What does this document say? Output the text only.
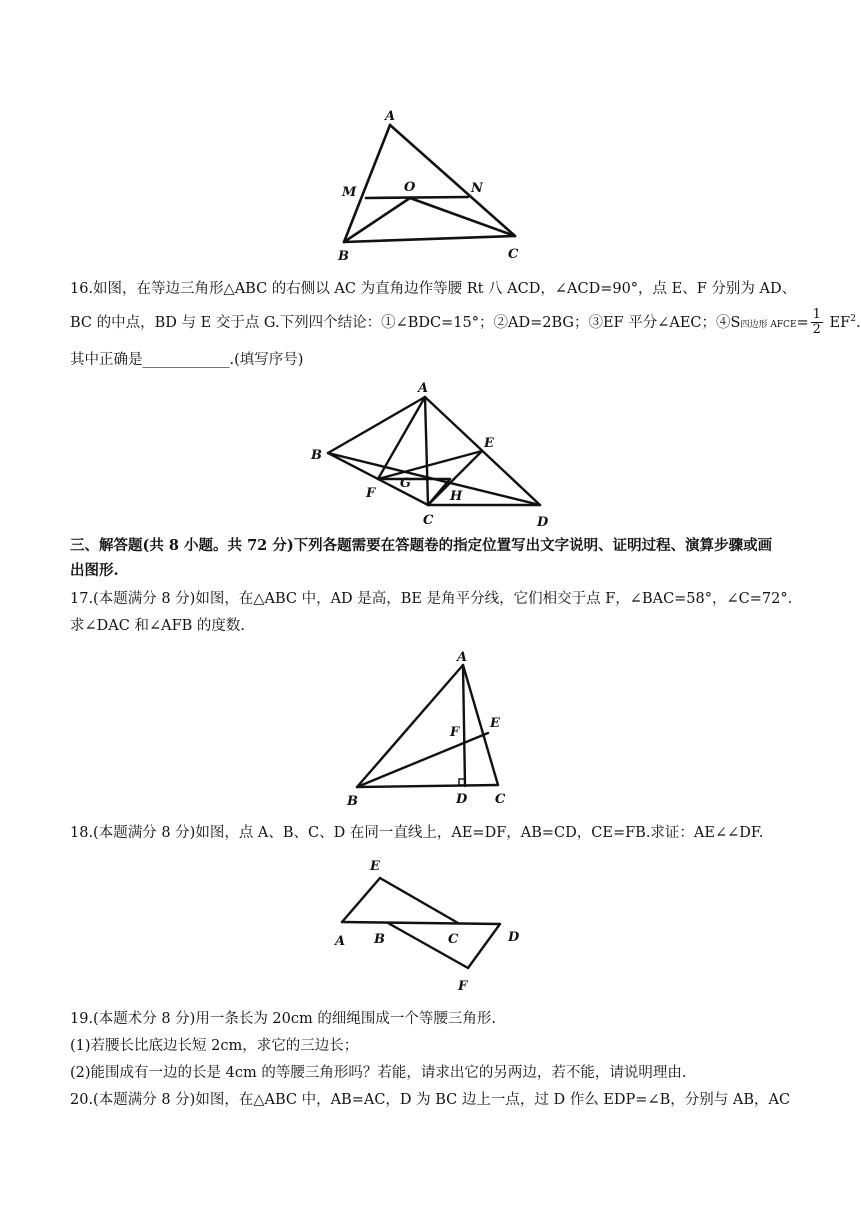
A
M	O	N
B	C
16.如图，在等边三角形△ABC 的右侧以 AC 为直角边作等腰 Rt 八 ACD，∠ACD=90°，点 E、F 分别为 AD、
BC 的中点，BD 与 E 交于点 G.下列四个结论：①∠BDC=15°；②AD=2BG；③EF 平分∠AEC；④S四边形 AFCE= $\frac{1}{2} EF^2$.
其中正确是____________.(填写序号)
A
B
E
F
G
H
C	D
三、解答题(共 8 小题。共 72 分)下列各题需要在答题卷的指定位置写出文字说明、证明过程、演算步骤或画
出图形.
17.(本题满分 8 分)如图，在△ABC 中，AD 是高，BE 是角平分线，它们相交于点 F，∠BAC=58°，∠C=72°.
求∠DAC 和∠AFB 的度数.
A
F
E
B	D C
18.(本题满分 8 分)如图，点 A、B、C、D 在同一直线上，AE=DF，AB=CD，CE=FB.求证：AE∠∠DF.
E
A B	C	D
F
19.(本题术分 8 分)用一条长为 20cm 的细绳围成一个等腰三角形.
(1)若腰长比底边长短 2cm，求它的三边长；
(2)能围成有一边的长是 4cm 的等腰三角形吗？若能，请求出它的另两边，若不能，请说明理由.
20.(本题满分 8 分)如图，在△ABC 中，AB=AC，D 为 BC 边上一点，过 D 作么 EDP=∠B，分别与 AB，AC
